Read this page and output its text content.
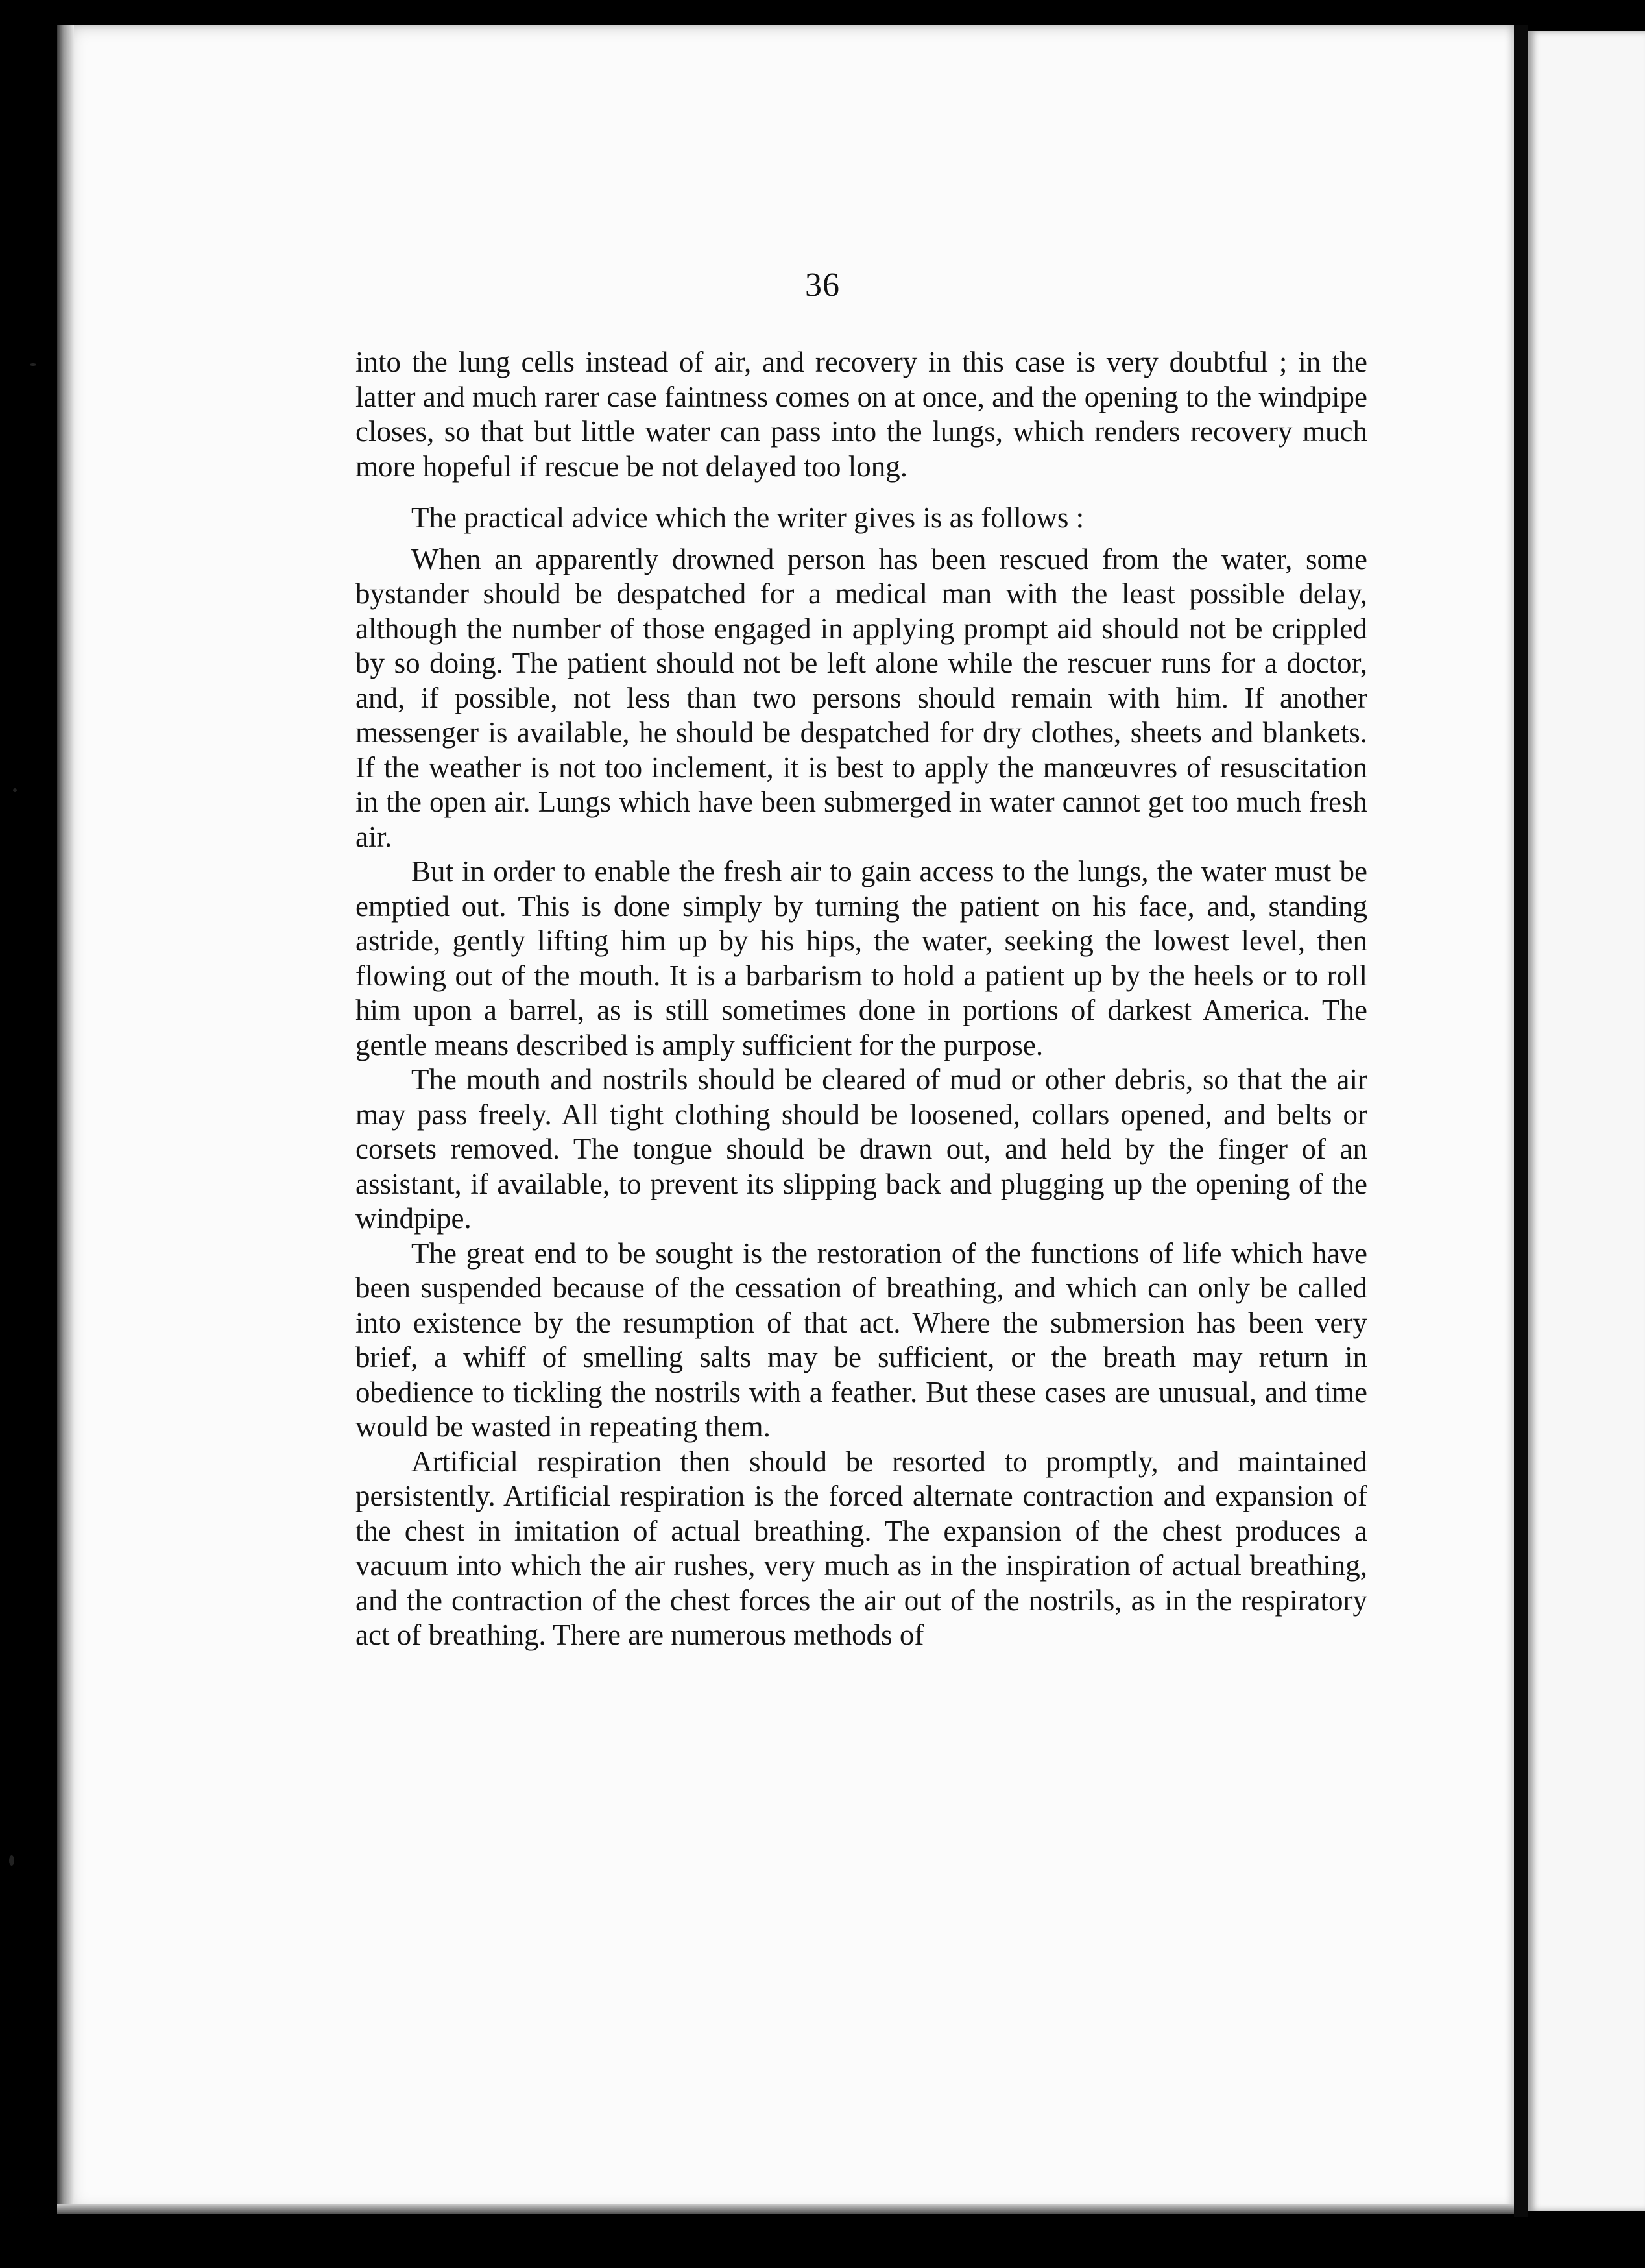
36

into the lung cells instead of air, and recovery in this case is very doubtful ; in the latter and much rarer case faintness comes on at once, and the opening to the windpipe closes, so that but little water can pass into the lungs, which renders recovery much more hopeful if rescue be not delayed too long.

The practical advice which the writer gives is as follows :

When an apparently drowned person has been rescued from the water, some bystander should be despatched for a medical man with the least possible delay, although the number of those engaged in applying prompt aid should not be crippled by so doing. The patient should not be left alone while the rescuer runs for a doctor, and, if possible, not less than two persons should remain with him. If another messenger is available, he should be despatched for dry clothes, sheets and blankets. If the weather is not too inclement, it is best to apply the manœuvres of resuscitation in the open air. Lungs which have been submerged in water cannot get too much fresh air.

But in order to enable the fresh air to gain access to the lungs, the water must be emptied out. This is done simply by turning the patient on his face, and, standing astride, gently lifting him up by his hips, the water, seeking the lowest level, then flowing out of the mouth. It is a barbarism to hold a patient up by the heels or to roll him upon a barrel, as is still sometimes done in portions of darkest America. The gentle means described is amply sufficient for the purpose.

The mouth and nostrils should be cleared of mud or other debris, so that the air may pass freely. All tight clothing should be loosened, collars opened, and belts or corsets removed. The tongue should be drawn out, and held by the finger of an assistant, if available, to prevent its slipping back and plugging up the opening of the windpipe.

The great end to be sought is the restoration of the functions of life which have been suspended because of the cessation of breathing, and which can only be called into existence by the resumption of that act. Where the submersion has been very brief, a whiff of smelling salts may be sufficient, or the breath may return in obedience to tickling the nostrils with a feather. But these cases are unusual, and time would be wasted in repeating them.

Artificial respiration then should be resorted to promptly, and maintained persistently. Artificial respiration is the forced alternate contraction and expansion of the chest in imitation of actual breathing. The expansion of the chest produces a vacuum into which the air rushes, very much as in the inspiration of actual breathing, and the contraction of the chest forces the air out of the nostrils, as in the respiratory act of breathing. There are numerous methods of
